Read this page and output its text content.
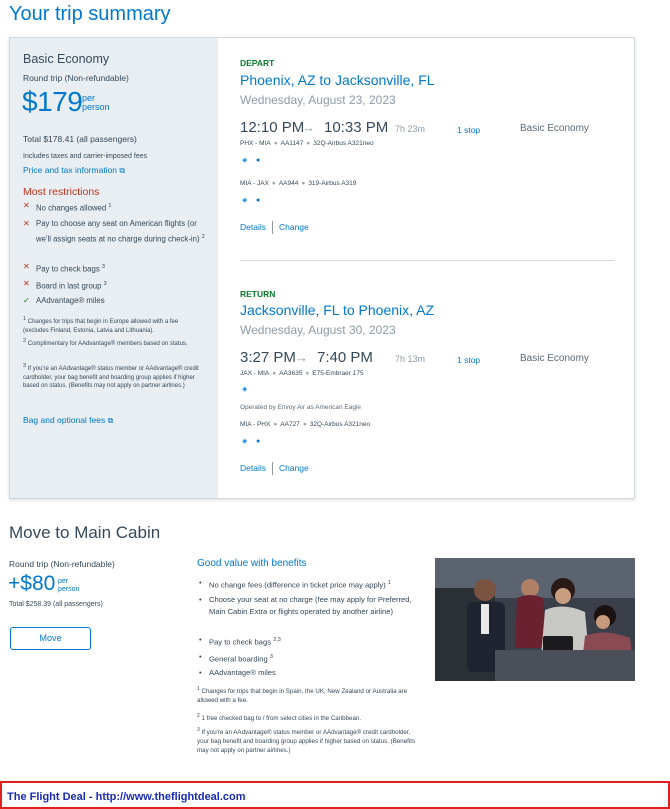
Your trip summary
Basic Economy
Round trip (Non-refundable)
$179 per
person
Total $178.41 (all passengers)
Includes taxes and carrier-imposed fees
Price and tax information ⧉
Most restrictions
✕ No changes allowed $^1$
✕ Pay to choose any seat on American flights (or we'll assign seats at no charge during check-in) $^2$
✕ Pay to check bags $^3$
✕ Board in last group $^3$
✓ AAdvantage® miles
$^1$ Changes for trips that begin in Europe allowed with a fee (excludes Finland, Estonia, Latvia and Lithuania).
$^2$ Complimentary for AAdvantage® members based on status.
$^3$ If you're an AAdvantage® status member or AAdvantage® credit cardholder, your bag benefit and boarding group applies if higher based on status. (Benefits may not apply on partner airlines.)
Bag and optional fees ⧉
DEPART
Phoenix, AZ to Jacksonville, FL
Wednesday, August 23, 2023
12:10 PM
→ 10:33 PM 7h 23m	1 stop	Basic Economy
PHX - MIA ● AA1147 ● 32Q-Airbus A321neo
◈ ●
MIA - JAX ● AA944 ● 319-Airbus A319
◈ ●
Details Change
RETURN
Jacksonville, FL to Phoenix, AZ
Wednesday, August 30, 2023
3:27 PM → 7:40 PM 7h 13m	1 stop	Basic Economy
JAX - MIA ● AA3635 ● E75-Embraer 175
◈
Operated by Envoy Air as American Eagle
MIA - PHX ● AA727 ● 32Q-Airbus A321neo
◈ ●
Details Change
Move to Main Cabin
Round trip (Non-refundable)
+$80 per
person
Total $258.39 (all passengers)
Move
Good value with benefits
• No change fees (difference in ticket price may apply) $^1$
• Choose your seat at no charge (fee may apply for Preferred, Main Cabin Extra or flights operated by another airline)
• Pay to check bags $^{2,3}$
• General boarding $^3$
• AAdvantage® miles
$^1$ Changes for trips that begin in Spain, the UK, New Zealand or Australia are allowed with a fee.
$^2$ 1 free checked bag to / from select cities in the Caribbean.
$^3$ If you're an AAdvantage® status member or AAdvantage® credit cardholder, your bag benefit and boarding group applies if higher based on status. (Benefits may not apply on partner airlines.)
The Flight Deal - http://www.theflightdeal.com
